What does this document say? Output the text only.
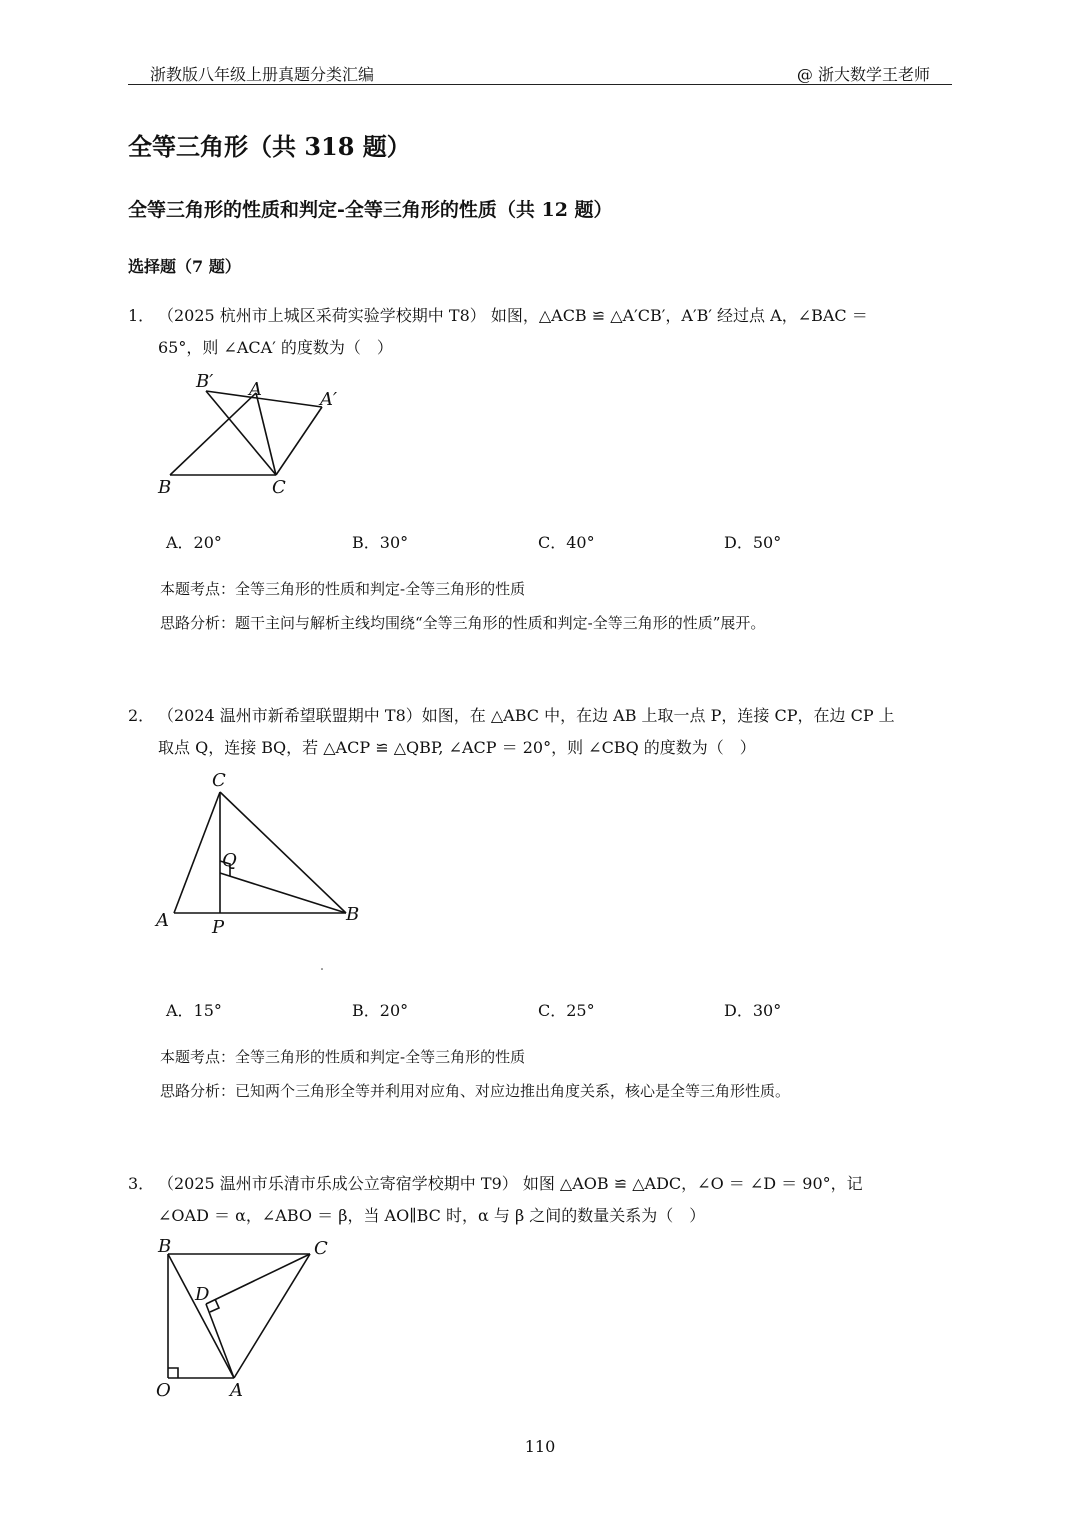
浙教版八年级上册真题分类汇编	@ 浙大数学王老师
全等三角形（共 318 题）
全等三角形的性质和判定-全等三角形的性质（共 12 题）
选择题（7 题）
1． （2025 杭州市上城区采荷实验学校期中 T8） 如图，△ACB ≌ △A′CB′，A′B′ 经过点 A，∠BAC ＝
65°，则 ∠ACA′ 的度数为（　）
B′ A	A′
B	C
A．20°	B．30°	C．40°	D．50°
本题考点：全等三角形的性质和判定-全等三角形的性质
思路分析：题干主问与解析主线均围绕“全等三角形的性质和判定-全等三角形的性质”展开。
2． （2024 温州市新希望联盟期中 T8）如图，在 △ABC 中，在边 AB 上取一点 P，连接 CP，在边 CP 上
取点 Q，连接 BQ，若 △ACP ≌ △QBP, ∠ACP ＝ 20°，则 ∠CBQ 的度数为（　）
C
Q
A P
B
A．15°	B．20°	C．25°	D．30°
本题考点：全等三角形的性质和判定-全等三角形的性质
思路分析：已知两个三角形全等并利用对应角、对应边推出角度关系，核心是全等三角形性质。
3． （2025 温州市乐清市乐成公立寄宿学校期中 T9） 如图 △AOB ≌ △ADC，∠O ＝ ∠D ＝ 90°，记
∠OAD ＝ α，∠ABO ＝ β，当 AO∥BC 时，α 与 β 之间的数量关系为（　）
B	C
D
O	A
110
